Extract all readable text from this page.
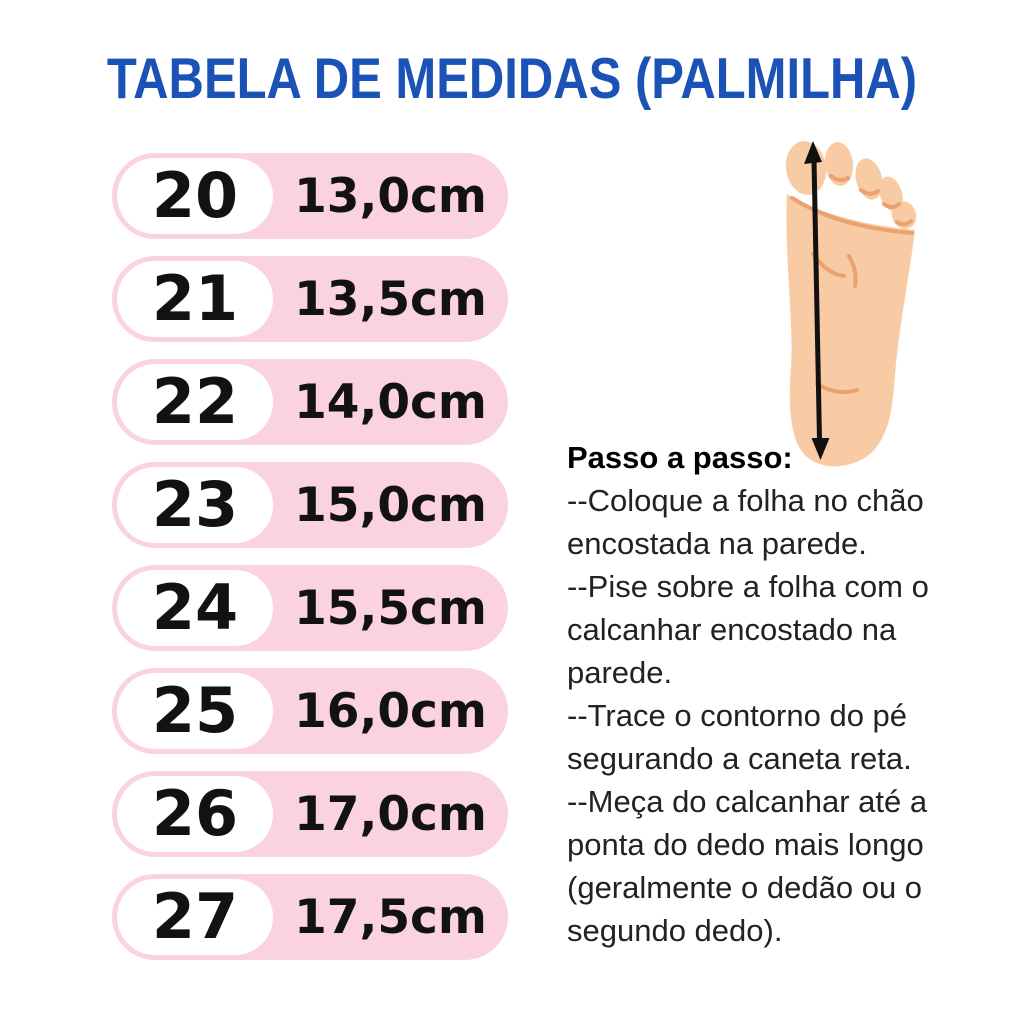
TABELA DE MEDIDAS (PALMILHA)
20	13,0cm
21	13,5cm
22	14,0cm
23	15,0cm
24	15,5cm
25	16,0cm
26	17,0cm
27	17,5cm

Passo a passo:

--Coloque a folha no chão encostada na parede.
--Pise sobre a folha com o calcanhar encostado na parede.
--Trace o contorno do pé segurando a caneta reta.
--Meça do calcanhar até a ponta do dedo mais longo (geralmente o dedão ou o segundo dedo).
